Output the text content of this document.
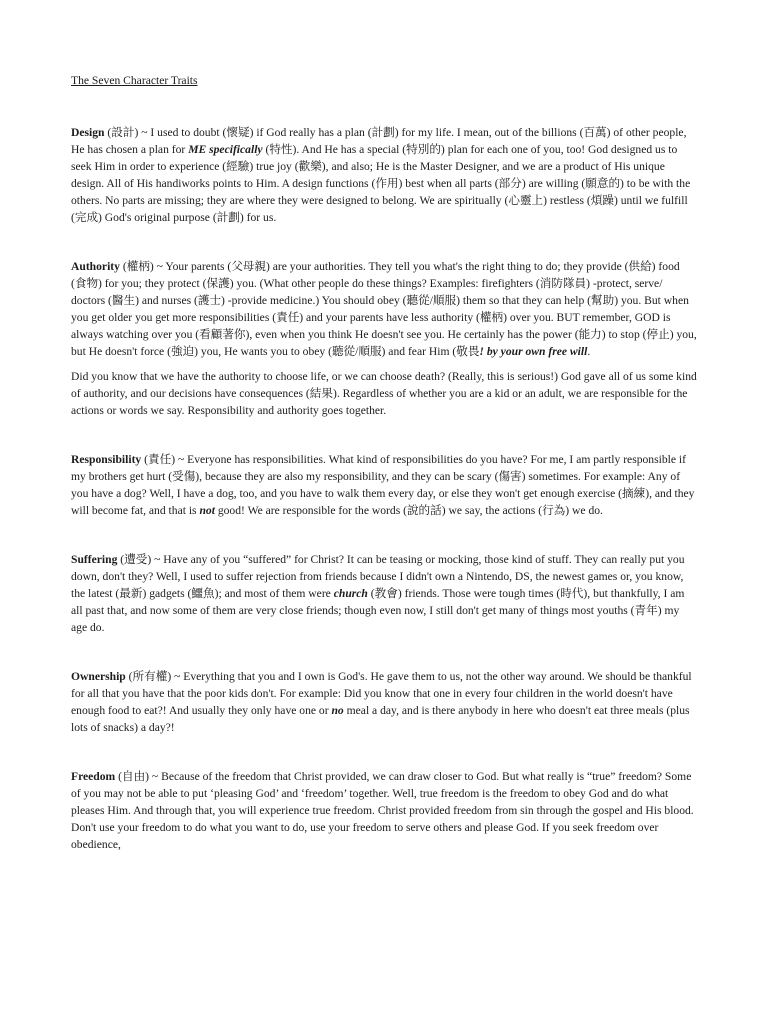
The Seven Character Traits

Design (設計) ~ I used to doubt (懷疑) if God really has a plan (計劃) for my life. I mean, out of the billions (百萬) of other people, He has chosen a plan for ME specifically (特性). And He has a special (特別的) plan for each one of you, too! God designed us to seek Him in order to experience (經驗) true joy (歡樂), and also; He is the Master Designer, and we are a product of His unique design. All of His handiworks points to Him. A design functions (作用) best when all parts (部分) are willing (願意的) to be with the others. No parts are missing; they are where they were designed to belong. We are spiritually (心靈上) restless (煩躁) until we fulfill (完成) God's original purpose (計劃) for us.

Authority (權柄) ~ Your parents (父母親) are your authorities. They tell you what's the right thing to do; they provide (供給) food (食物) for you; they protect (保護) you. (What other people do these things? Examples: firefighters (消防隊員) -protect, serve/ doctors (醫生) and nurses (護士) -provide medicine.) You should obey (聽從/順服) them so that they can help (幫助) you. But when you get older you get more responsibilities (責任) and your parents have less authority (權柄) over you. BUT remember, GOD is always watching over you (看顧著你), even when you think He doesn't see you. He certainly has the power (能力) to stop (停止) you, but He doesn't force (強迫) you, He wants you to obey (聽從/順服) and fear Him (敬畏! by your own free will.

Did you know that we have the authority to choose life, or we can choose death? (Really, this is serious!) God gave all of us some kind of authority, and our decisions have consequences (結果). Regardless of whether you are a kid or an adult, we are responsible for the actions or words we say. Responsibility and authority goes together.

Responsibility (責任) ~ Everyone has responsibilities. What kind of responsibilities do you have? For me, I am partly responsible if my brothers get hurt (受傷), because they are also my responsibility, and they can be scary (傷害) sometimes. For example: Any of you have a dog? Well, I have a dog, too, and you have to walk them every day, or else they won't get enough exercise (摘練), and they will become fat, and that is not good! We are responsible for the words (說的話) we say, the actions (行為) we do.

Suffering (遭受) ~ Have any of you “suffered” for Christ? It can be teasing or mocking, those kind of stuff. They can really put you down, don't they? Well, I used to suffer rejection from friends because I didn't own a Nintendo, DS, the newest games or, you know, the latest (最新) gadgets (鱷魚); and most of them were church (教會) friends. Those were tough times (時代), but thankfully, I am all past that, and now some of them are very close friends; though even now, I still don't get many of things most youths (青年) my age do.

Ownership (所有權) ~ Everything that you and I own is God's. He gave them to us, not the other way around. We should be thankful for all that you have that the poor kids don't. For example: Did you know that one in every four children in the world doesn't have enough food to eat?! And usually they only have one or no meal a day, and is there anybody in here who doesn't eat three meals (plus lots of snacks) a day?!

Freedom (自由) ~ Because of the freedom that Christ provided, we can draw closer to God. But what really is “true” freedom? Some of you may not be able to put ‘pleasing God’ and ‘freedom’ together. Well, true freedom is the freedom to obey God and do what pleases Him. And through that, you will experience true freedom. Christ provided freedom from sin through the gospel and His blood. Don't use your freedom to do what you want to do, use your freedom to serve others and please God. If you seek freedom over obedience,
